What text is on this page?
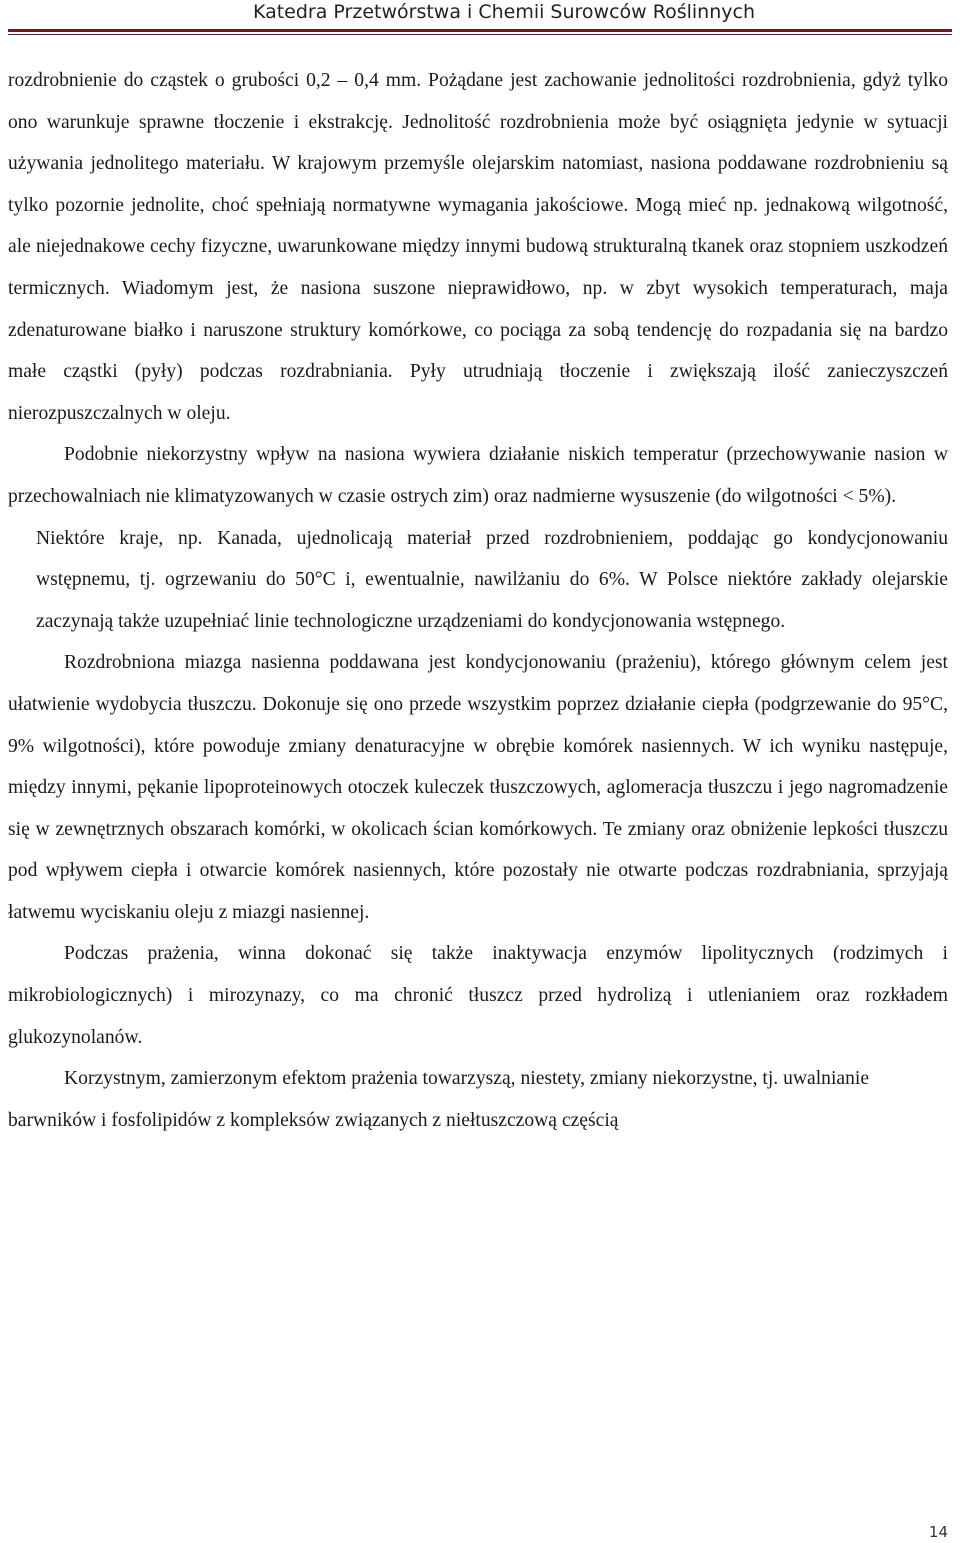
Katedra Przetwórstwa i Chemii Surowców Roślinnych

rozdrobnienie do cząstek o grubości 0,2 – 0,4 mm. Pożądane jest zachowanie jednolitości rozdrobnienia, gdyż tylko ono warunkuje sprawne tłoczenie i ekstrakcję. Jednolitość rozdrobnienia może być osiągnięta jedynie w sytuacji używania jednolitego materiału. W krajowym przemyśle olejarskim natomiast, nasiona poddawane rozdrobnieniu są tylko pozornie jednolite, choć spełniają normatywne wymagania jakościowe. Mogą mieć np. jednakową wilgotność, ale niejednakowe cechy fizyczne, uwarunkowane między innymi budową strukturalną tkanek oraz stopniem uszkodzeń termicznych. Wiadomym jest, że nasiona suszone nieprawidłowo, np. w zbyt wysokich temperaturach, maja zdenaturowane białko i naruszone struktury komórkowe, co pociąga za sobą tendencję do rozpadania się na bardzo małe cząstki (pyły) podczas rozdrabniania. Pyły utrudniają tłoczenie i zwiększają ilość zanieczyszczeń nierozpuszczalnych w oleju.

Podobnie niekorzystny wpływ na nasiona wywiera działanie niskich temperatur (przechowywanie nasion w przechowalniach nie klimatyzowanych w czasie ostrych zim) oraz nadmierne wysuszenie (do wilgotności < 5%).

Niektóre kraje, np. Kanada, ujednolicają materiał przed rozdrobnieniem, poddając go kondycjonowaniu wstępnemu, tj. ogrzewaniu do 50°C i, ewentualnie, nawilżaniu do 6%. W Polsce niektóre zakłady olejarskie zaczynają także uzupełniać linie technologiczne urządzeniami do kondycjonowania wstępnego.

Rozdrobniona miazga nasienna poddawana jest kondycjonowaniu (prażeniu), którego głównym celem jest ułatwienie wydobycia tłuszczu. Dokonuje się ono przede wszystkim poprzez działanie ciepła (podgrzewanie do 95°C, 9% wilgotności), które powoduje zmiany denaturacyjne w obrębie komórek nasiennych. W ich wyniku następuje, między innymi, pękanie lipoproteinowych otoczek kuleczek tłuszczowych, aglomeracja tłuszczu i jego nagromadzenie się w zewnętrznych obszarach komórki, w okolicach ścian komórkowych. Te zmiany oraz obniżenie lepkości tłuszczu pod wpływem ciepła i otwarcie komórek nasiennych, które pozostały nie otwarte podczas rozdrabniania, sprzyjają łatwemu wyciskaniu oleju z miazgi nasiennej.

Podczas prażenia, winna dokonać się także inaktywacja enzymów lipolitycznych (rodzimych i mikrobiologicznych) i mirozynazy, co ma chronić tłuszcz przed hydrolizą i utlenianiem oraz rozkładem glukozynolanów.

Korzystnym, zamierzonym efektom prażenia towarzyszą, niestety, zmiany niekorzystne, tj. uwalnianie barwników i fosfolipidów z kompleksów związanych z niełtuszczową częścią

14
